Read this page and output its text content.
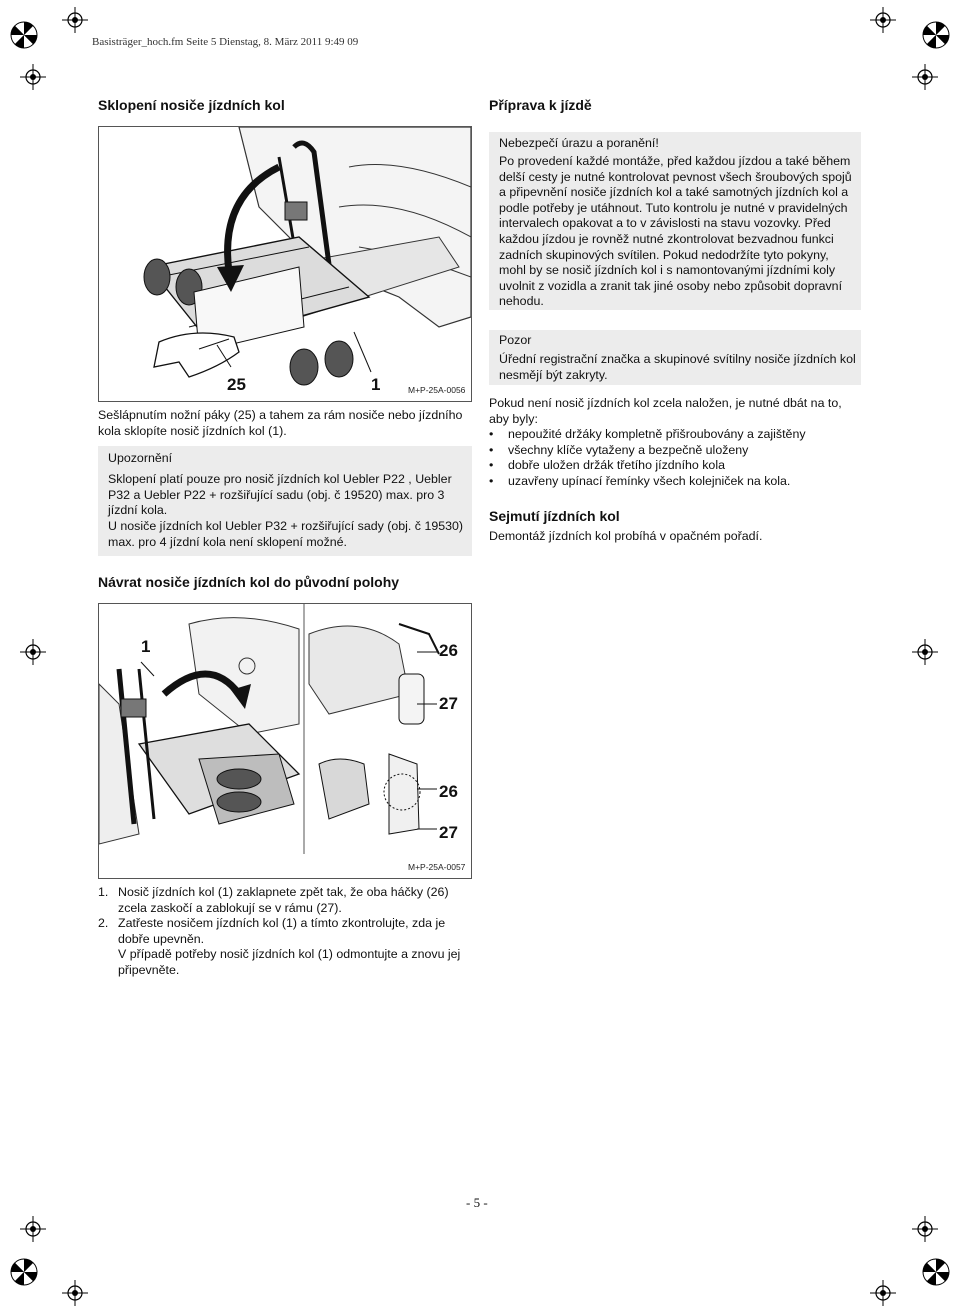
Basisträger_hoch.fm Seite 5 Dienstag, 8. März 2011 9:49 09
Sklopení nosiče jízdních kol
25	1	M+P-25A-0056
Sešlápnutím nožní páky (25) a tahem za rám nosiče nebo jízdního kola sklopíte nosič jízdních kol (1).
Upozornění
Sklopení platí pouze pro nosič jízdních kol Uebler P22 , Uebler P32 a Uebler P22 + rozšiřující sadu (obj. č 19520) max. pro 3 jízdní kola.
U nosiče jízdních kol Uebler P32 + rozšiřující sady (obj. č 19530) max. pro 4 jízdní kola není sklopení možné.
Návrat nosiče jízdních kol do původní polohy
1	26
27
26
27
M+P-25A-0057
1. Nosič jízdních kol (1) zaklapnete zpět tak, že oba háčky (26) zcela zaskočí a zablokují se v rámu (27).
2. Zatřeste nosičem jízdních kol (1) a tímto zkontrolujte, zda je dobře upevněn.
V případě potřeby nosič jízdních kol (1) odmontujte a znovu jej připevněte.
Příprava k jízdě
Nebezpečí úrazu a poranění!
Po provedení každé montáže, před každou jízdou a také během delší cesty je nutné kontrolovat pevnost všech šroubových spojů a připevnění nosiče jízdních kol a také samotných jízdních kol a podle potřeby je utáhnout. Tuto kontrolu je nutné v pravidelných intervalech opakovat a to v závislosti na stavu vozovky. Před každou jízdou je rovněž nutné zkontrolovat bezvadnou funkci zadních skupinových svítilen. Pokud nedodržíte tyto pokyny, mohl by se nosič jízdních kol i s namontovanými jízdními koly uvolnit z vozidla a zranit tak jiné osoby nebo způsobit dopravní nehodu.
Pozor
Úřední registrační značka a skupinové svítilny nosiče jízdních kol nesmějí být zakryty.
Pokud není nosič jízdních kol zcela naložen, je nutné dbát na to, aby byly:
• nepoužité držáky kompletně přišroubovány a zajištěny
• všechny klíče vytaženy a bezpečně uloženy
• dobře uložen držák třetího jízdního kola
• uzavřeny upínací řemínky všech kolejniček na kola.
Sejmutí jízdních kol
Demontáž jízdních kol probíhá v opačném pořadí.
- 5 -
